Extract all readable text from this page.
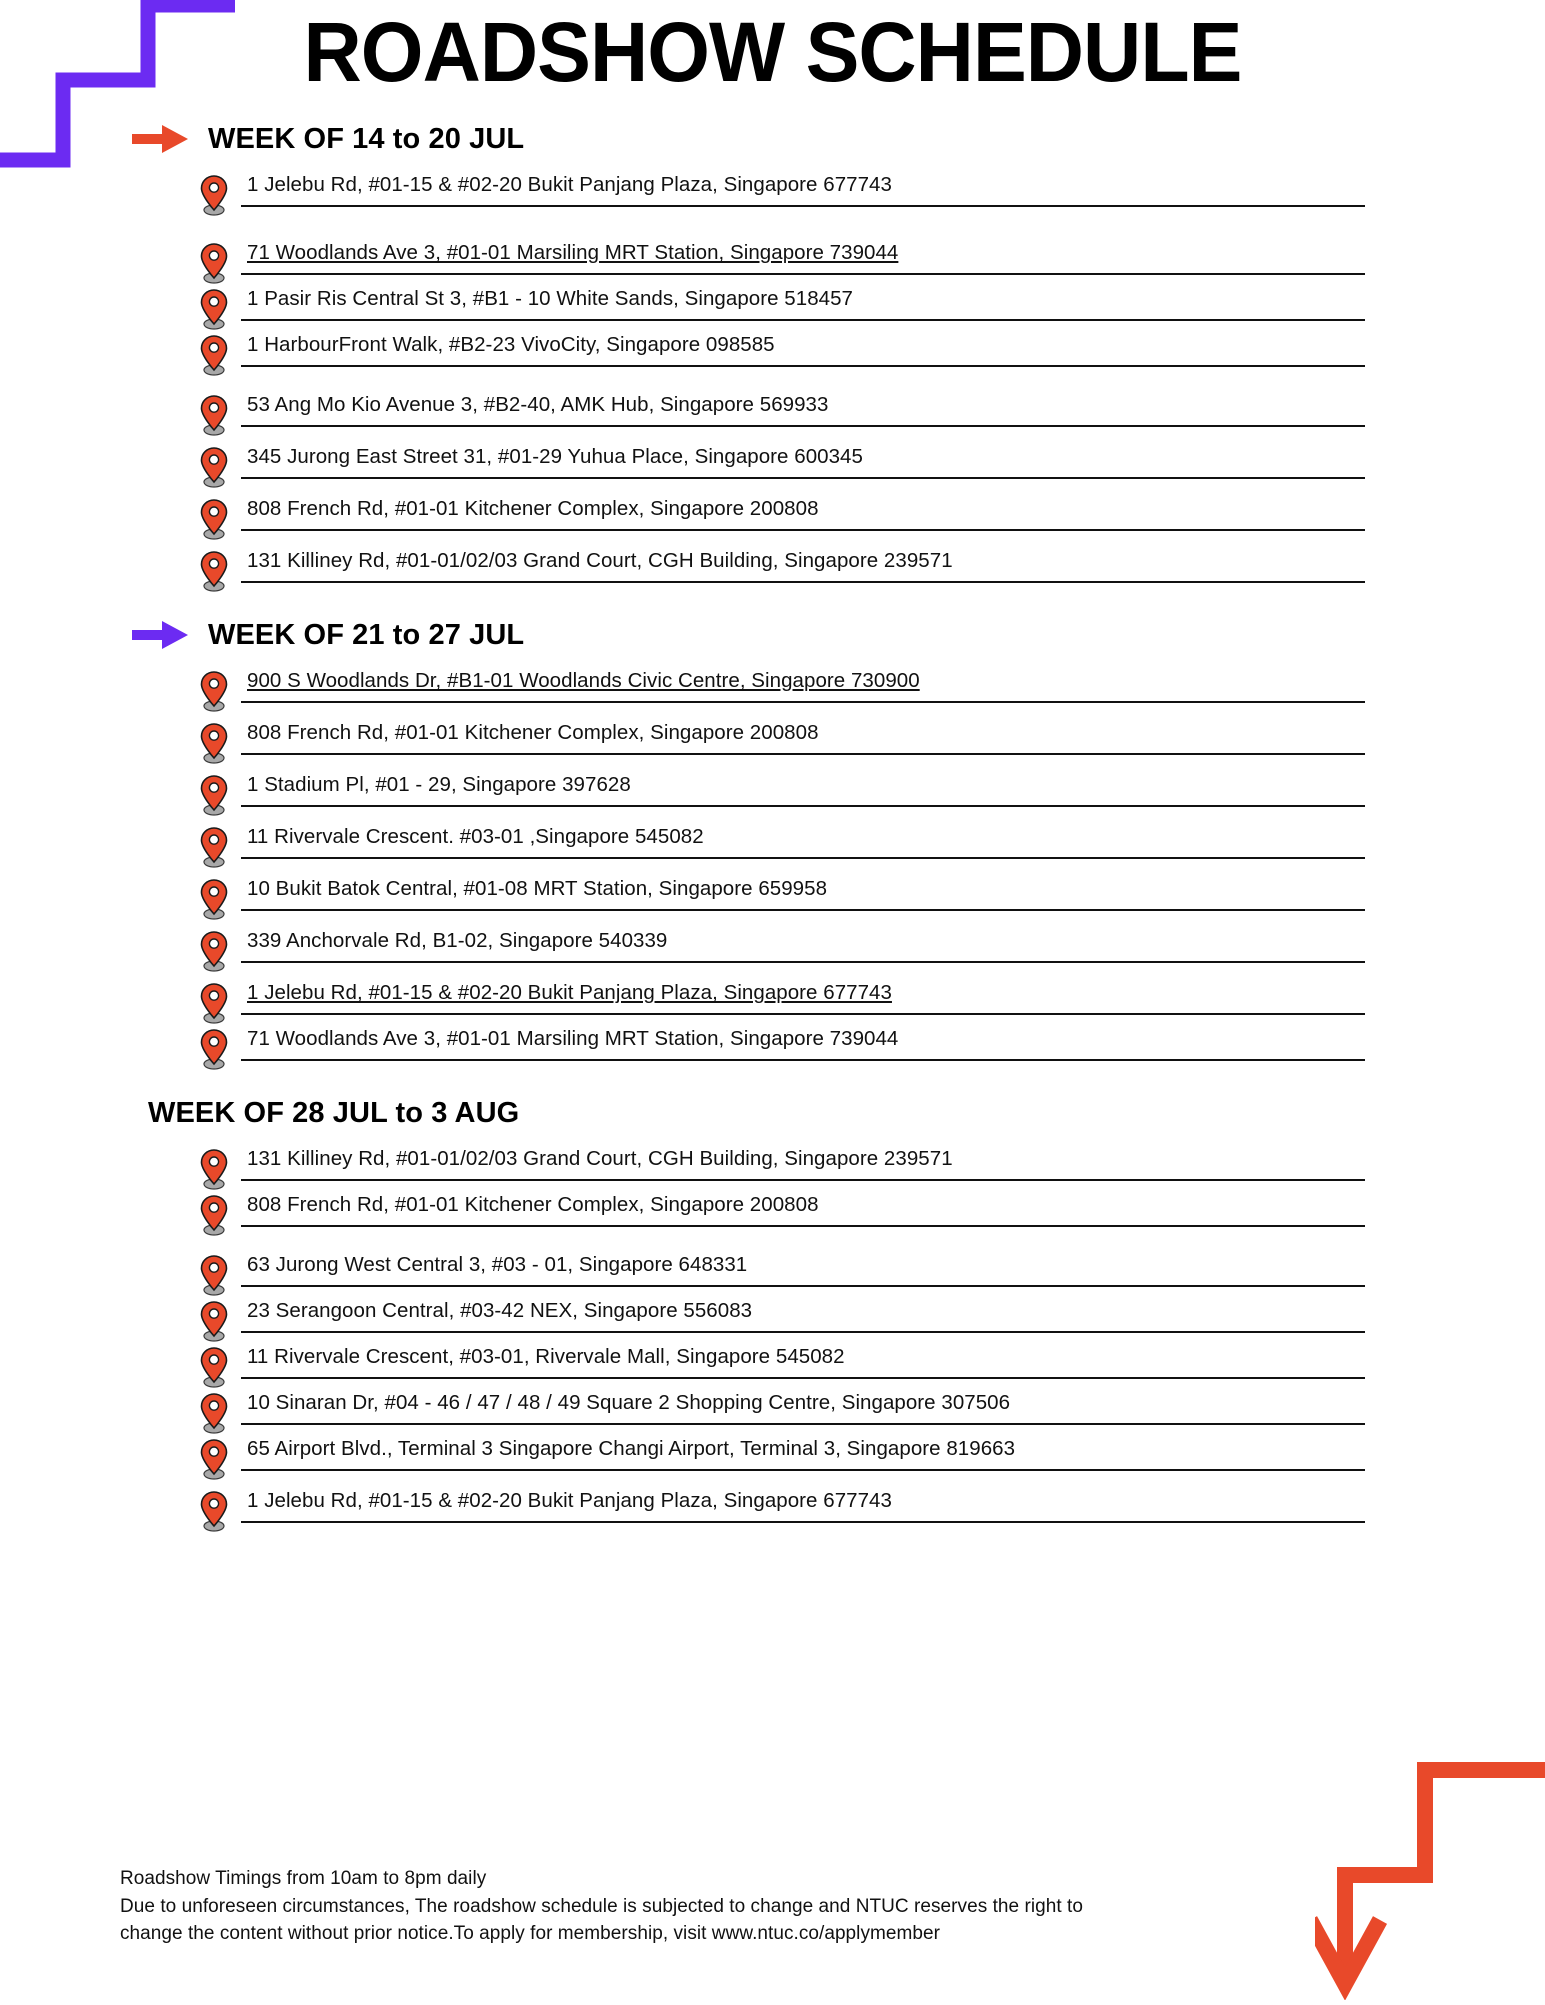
ROADSHOW SCHEDULE
WEEK OF 14 to 20 JUL
1 Jelebu Rd, #01-15 & #02-20 Bukit Panjang Plaza, Singapore 677743
71 Woodlands Ave 3, #01-01 Marsiling MRT Station, Singapore 739044
1 Pasir Ris Central St 3, #B1 - 10 White Sands, Singapore 518457
1 HarbourFront Walk, #B2-23 VivoCity, Singapore 098585
53 Ang Mo Kio Avenue 3, #B2-40, AMK Hub, Singapore 569933
345 Jurong East Street 31, #01-29 Yuhua Place, Singapore 600345
808 French Rd, #01-01 Kitchener Complex, Singapore 200808
131 Killiney Rd, #01-01/02/03 Grand Court, CGH Building, Singapore 239571
WEEK OF 21 to 27 JUL
900 S Woodlands Dr, #B1-01 Woodlands Civic Centre, Singapore 730900
808 French Rd, #01-01 Kitchener Complex, Singapore 200808
1 Stadium Pl, #01 - 29, Singapore 397628
11 Rivervale Crescent. #03-01 ,Singapore 545082
10 Bukit Batok Central, #01-08 MRT Station, Singapore 659958
339 Anchorvale Rd, B1-02, Singapore 540339
1 Jelebu Rd, #01-15 & #02-20 Bukit Panjang Plaza, Singapore 677743
71 Woodlands Ave 3, #01-01 Marsiling MRT Station, Singapore 739044
WEEK OF 28 JUL to 3 AUG
131 Killiney Rd, #01-01/02/03 Grand Court, CGH Building, Singapore 239571
808 French Rd, #01-01 Kitchener Complex, Singapore 200808
63 Jurong West Central 3, #03 - 01, Singapore 648331
23 Serangoon Central, #03-42 NEX, Singapore 556083
11 Rivervale Crescent, #03-01, Rivervale Mall, Singapore 545082
10 Sinaran Dr, #04 - 46 / 47 / 48 / 49 Square 2 Shopping Centre, Singapore 307506
65 Airport Blvd., Terminal 3 Singapore Changi Airport, Terminal 3, Singapore 819663
1 Jelebu Rd, #01-15 & #02-20 Bukit Panjang Plaza, Singapore 677743
Roadshow Timings from 10am to 8pm daily
Due to unforeseen circumstances, The roadshow schedule is subjected to change and NTUC reserves the right to
change the content without prior notice.To apply for membership, visit www.ntuc.co/applymember
